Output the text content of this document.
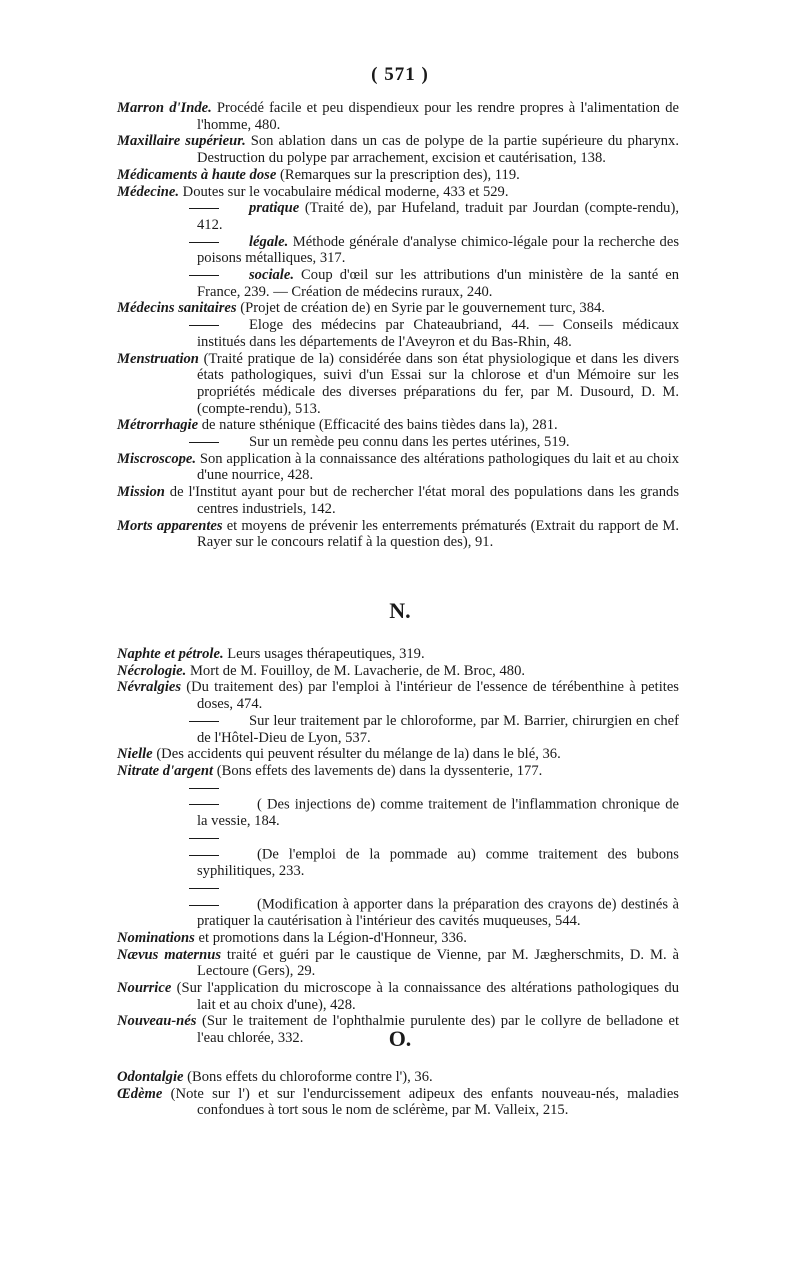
( 571 )

Marron d'Inde. Procédé facile et peu dispendieux pour les rendre propres à l'alimentation de l'homme, 480.

Maxillaire supérieur. Son ablation dans un cas de polype de la partie supérieure du pharynx. Destruction du polype par arrachement, excision et cautérisation, 138.

Médicaments à haute dose (Remarques sur la prescription des), 119.

Médecine. Doutes sur le vocabulaire médical moderne, 433 et 529.

pratique (Traité de), par Hufeland, traduit par Jourdan (compte-rendu), 412.

légale. Méthode générale d'analyse chimico-légale pour la recherche des poisons métalliques, 317.

sociale. Coup d'œil sur les attributions d'un ministère de la santé en France, 239. — Création de médecins ruraux, 240.

Médecins sanitaires (Projet de création de) en Syrie par le gouvernement turc, 384.

Eloge des médecins par Chateaubriand, 44. — Conseils médicaux institués dans les départements de l'Aveyron et du Bas-Rhin, 48.

Menstruation (Traité pratique de la) considérée dans son état physiologique et dans les divers états pathologiques, suivi d'un Essai sur la chlorose et d'un Mémoire sur les propriétés médicale des diverses préparations du fer, par M. Dusourd, D. M. (compte-rendu), 513.

Métrorrhagie de nature sthénique (Efficacité des bains tièdes dans la), 281.

Sur un remède peu connu dans les pertes utérines, 519.

Miscroscope. Son application à la connaissance des altérations pathologiques du lait et au choix d'une nourrice, 428.

Mission de l'Institut ayant pour but de rechercher l'état moral des populations dans les grands centres industriels, 142.

Morts apparentes et moyens de prévenir les enterrements prématurés (Extrait du rapport de M. Rayer sur le concours relatif à la question des), 91.

N.

Naphte et pétrole. Leurs usages thérapeutiques, 319.

Nécrologie. Mort de M. Fouilloy, de M. Lavacherie, de M. Broc, 480.

Névralgies (Du traitement des) par l'emploi à l'intérieur de l'essence de térébenthine à petites doses, 474.

Sur leur traitement par le chloroforme, par M. Barrier, chirurgien en chef de l'Hôtel-Dieu de Lyon, 537.

Nielle (Des accidents qui peuvent résulter du mélange de la) dans le blé, 36.

Nitrate d'argent (Bons effets des lavements de) dans la dyssenterie, 177.

( Des injections de) comme traitement de l'inflammation chronique de la vessie, 184.

(De l'emploi de la pommade au) comme traitement des bubons syphilitiques, 233.

(Modification à apporter dans la préparation des crayons de) destinés à pratiquer la cautérisation à l'intérieur des cavités muqueuses, 544.

Nominations et promotions dans la Légion-d'Honneur, 336.

Nævus maternus traité et guéri par le caustique de Vienne, par M. Jægherschmits, D. M. à Lectoure (Gers), 29.

Nourrice (Sur l'application du microscope à la connaissance des altérations pathologiques du lait et au choix d'une), 428.

Nouveau-nés (Sur le traitement de l'ophthalmie purulente des) par le collyre de belladone et l'eau chlorée, 332.	O.

Odontalgie (Bons effets du chloroforme contre l'), 36.

Œdème (Note sur l') et sur l'endurcissement adipeux des enfants nouveau-nés, maladies confondues à tort sous le nom de sclérème, par M. Valleix, 215.
